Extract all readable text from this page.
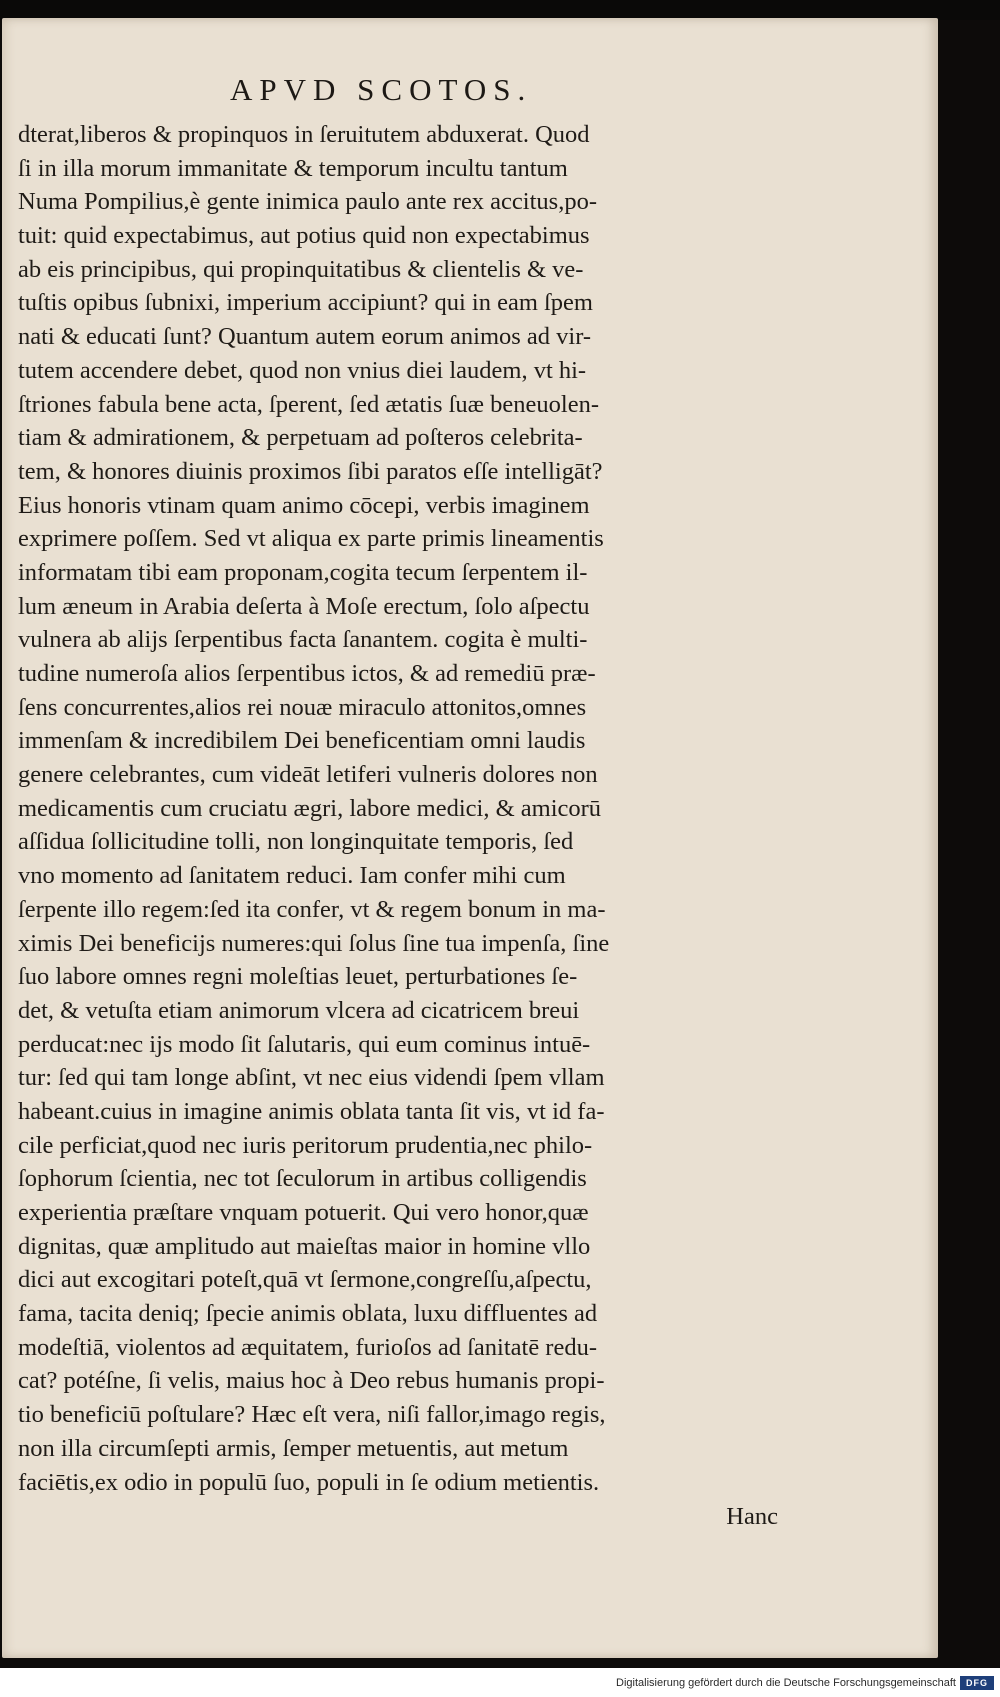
APVD SCOTOS.
dterat,liberos & propinquos in ſeruitutem abduxerat. Quod
ſi in illa morum immanitate & temporum incultu tantum
Numa Pompilius,è gente inimica paulo ante rex accitus,po-
tuit: quid expectabimus, aut potius quid non expectabimus
ab eis principibus, qui propinquitatibus & clientelis & ve-
tuſtis opibus ſubnixi, imperium accipiunt? qui in eam ſpem
nati & educati ſunt? Quantum autem eorum animos ad vir-
tutem accendere debet, quod non vnius diei laudem, vt hi-
ſtriones fabula bene acta, ſperent, ſed ætatis ſuæ beneuolen-
tiam & admirationem, & perpetuam ad poſteros celebrita-
tem, & honores diuinis proximos ſibi paratos eſſe intelligāt?
Eius honoris vtinam quam animo cōcepi, verbis imaginem
exprimere poſſem. Sed vt aliqua ex parte primis lineamentis
informatam tibi eam proponam,cogita tecum ſerpentem il-
lum æneum in Arabia deſerta à Moſe erectum, ſolo aſpectu
vulnera ab alijs ſerpentibus facta ſanantem. cogita è multi-
tudine numeroſa alios ſerpentibus ictos, & ad remediū præ-
ſens concurrentes,alios rei nouæ miraculo attonitos,omnes
immenſam & incredibilem Dei beneficentiam omni laudis
genere celebrantes, cum videāt letiferi vulneris dolores non
medicamentis cum cruciatu ægri, labore medici, & amicorū
aſſidua ſollicitudine tolli, non longinquitate temporis, ſed
vno momento ad ſanitatem reduci. Iam confer mihi cum
ſerpente illo regem:ſed ita confer, vt & regem bonum in ma-
ximis Dei beneficijs numeres:qui ſolus ſine tua impenſa, ſine
ſuo labore omnes regni moleſtias leuet, perturbationes ſe-
det, & vetuſta etiam animorum vlcera ad cicatricem breui
perducat:nec ijs modo ſit ſalutaris, qui eum cominus intuē-
tur: ſed qui tam longe abſint, vt nec eius videndi ſpem vllam
habeant.cuius in imagine animis oblata tanta ſit vis, vt id fa-
cile perficiat,quod nec iuris peritorum prudentia,nec philo-
ſophorum ſcientia, nec tot ſeculorum in artibus colligendis
experientia præſtare vnquam potuerit. Qui vero honor,quæ
dignitas, quæ amplitudo aut maieſtas maior in homine vllo
dici aut excogitari poteſt,quā vt ſermone,congreſſu,aſpectu,
fama, tacita deniq; ſpecie animis oblata, luxu diffluentes ad
modeſtiā, violentos ad æquitatem, furioſos ad ſanitatē redu-
cat? potéſne, ſi velis, maius hoc à Deo rebus humanis propi-
tio beneficiū poſtulare? Hæc eſt vera, niſi fallor,imago regis,
non illa circumſepti armis, ſemper metuentis, aut metum
faciētis,ex odio in populū ſuo, populi in ſe odium metientis.
Hanc
Digitalisierung gefördert durch die Deutsche Forschungsgemeinschaft	DFG
